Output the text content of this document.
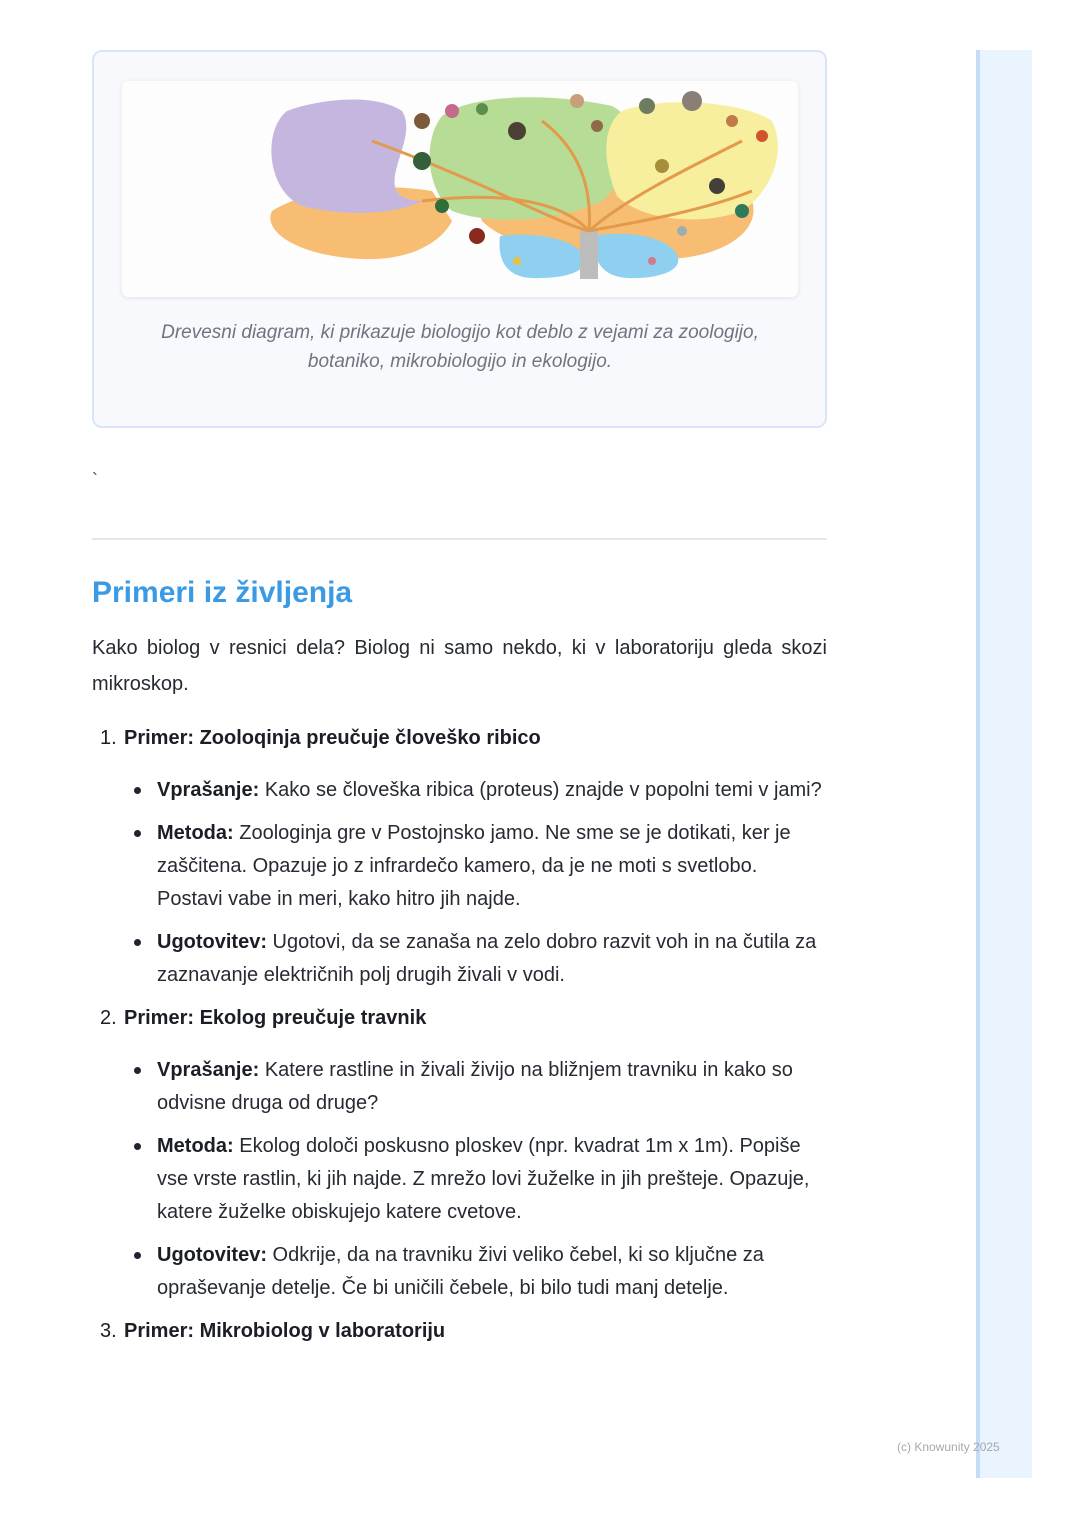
Drevesni diagram, ki prikazuje biologijo kot deblo z vejami za zoologijo, botaniko, mikrobiologijo in ekologijo.
`
Primeri iz življenja

Kako biolog v resnici dela? Biolog ni samo nekdo, ki v laboratoriju gleda skozi mikroskop.

1. Primer: Zooloqinja preučuje človeško ribico

Vprašanje: Kako se človeška ribica (proteus) znajde v popolni temi v jami?
Metoda: Zoologinja gre v Postojnsko jamo. Ne sme se je dotikati, ker je zaščitena. Opazuje jo z infrardečo kamero, da je ne moti s svetlobo. Postavi vabe in meri, kako hitro jih najde.
Ugotovitev: Ugotovi, da se zanaša na zelo dobro razvit voh in na čutila za zaznavanje električnih polj drugih živali v vodi.

2. Primer: Ekolog preučuje travnik

Vprašanje: Katere rastline in živali živijo na bližnjem travniku in kako so odvisne druga od druge?
Metoda: Ekolog določi poskusno ploskev (npr. kvadrat 1m x 1m). Popiše vse vrste rastlin, ki jih najde. Z mrežo lovi žuželke in jih prešteje. Opazuje, katere žuželke obiskujejo katere cvetove.
Ugotovitev: Odkrije, da na travniku živi veliko čebel, ki so ključne za opraševanje detelje. Če bi uničili čebele, bi bilo tudi manj detelje.

3. Primer: Mikrobiolog v laboratoriju

(c) Knowunity 2025
